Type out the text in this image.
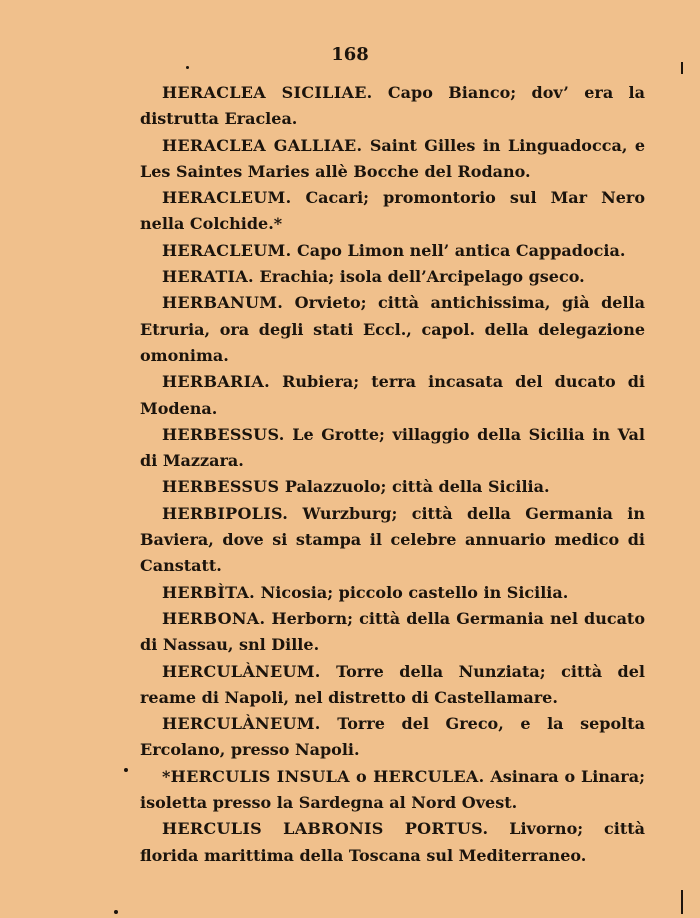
168

HERACLEA SICILIAE. Capo Bianco; dov’ era la distrutta Eraclea.

HERACLEA GALLIAE. Saint Gilles in Linguadocca, e Les Saintes Maries allè Bocche del Rodano.

HERACLEUM. Cacari; promontorio sul Mar Nero nella Colchide.*

HERACLEUM. Capo Limon nell’ antica Cappadocia.

HERATIA. Erachia; isola dell’Arcipelago gseco.

HERBANUM. Orvieto; città antichissima, già della Etruria, ora degli stati Eccl., capol. della delegazione omonima.

HERBARIA. Rubiera; terra incasata del ducato di Modena.

HERBESSUS. Le Grotte; villaggio della Sicilia in Val di Mazzara.

HERBESSUS Palazzuolo; città della Sicilia.

HERBIPOLIS. Wurzburg; città della Germania in Baviera, dove si stampa il celebre annuario medico di Canstatt.

HERBÌTA. Nicosia; piccolo castello in Sicilia.

HERBONA. Herborn; città della Germania nel ducato di Nassau, snl Dille.

HERCULÀNEUM. Torre della Nunziata; città del reame di Napoli, nel distretto di Castellamare.

HERCULÀNEUM. Torre del Greco, e la sepolta Ercolano, presso Napoli.

*HERCULIS INSULA o HERCULEA. Asinara o Linara; isoletta presso la Sardegna al Nord Ovest.

HERCULIS LABRONIS PORTUS. Livorno; città florida marittima della Toscana sul Mediterraneo.
